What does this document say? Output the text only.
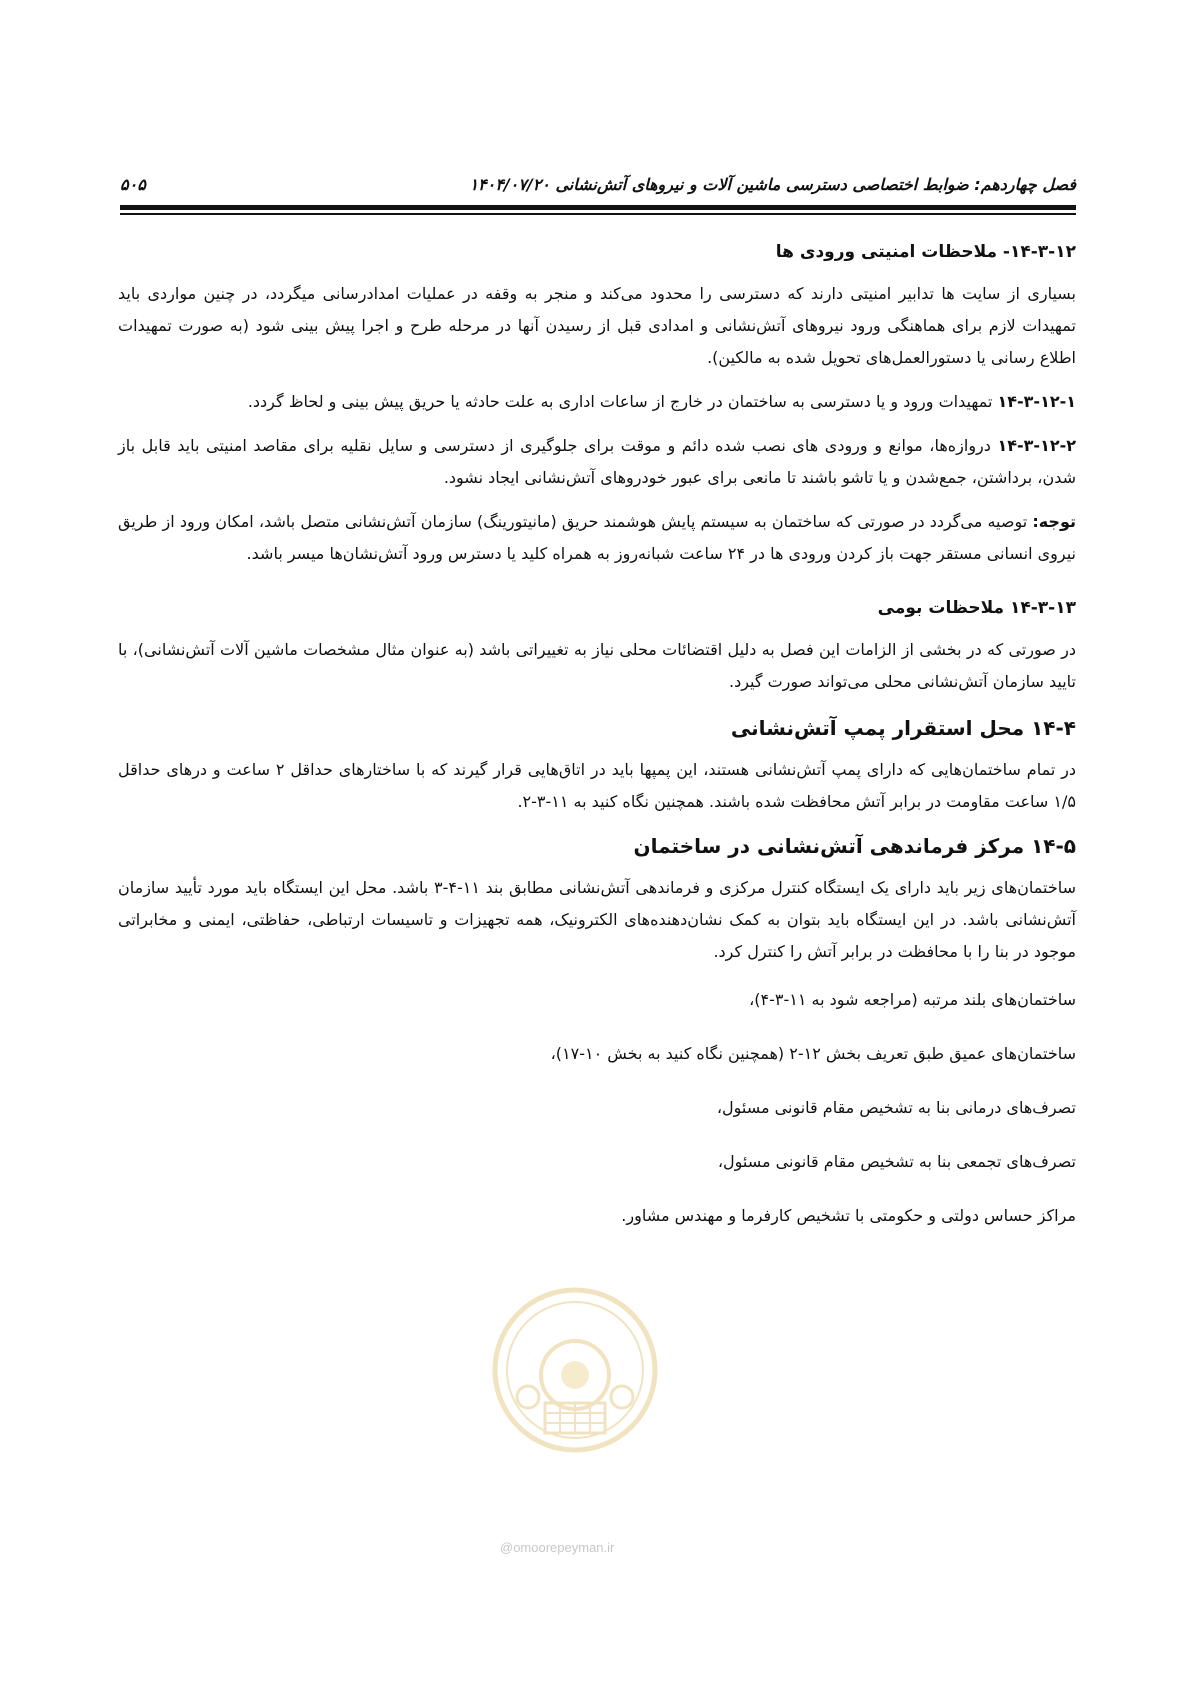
فصل چهاردهم: ضوابط اختصاصی دسترسی ماشین آلات و نیروهای آتش‌نشانی ۱۴۰۴/۰۷/۲۰
۵۰۵
۱۴-۳-۱۲- ملاحظات امنیتی ورودی ها

بسیاری از سایت ها تدابیر امنیتی دارند که دسترسی را محدود می‌کند و منجر به وقفه در عملیات امدادرسانی میگردد، در چنین مواردی باید تمهیدات لازم برای هماهنگی ورود نیروهای آتش‌نشانی و امدادی قبل از رسیدن آنها در مرحله طرح و اجرا پیش بینی شود (به صورت تمهیدات اطلاع رسانی یا دستورالعمل‌های تحویل شده به مالکین).

۱۴-۳-۱۲-۱ تمهیدات ورود و یا دسترسی به ساختمان در خارج از ساعات اداری به علت حادثه یا حریق پیش بینی و لحاظ گردد.

۱۴-۳-۱۲-۲ دروازه‌ها، موانع و ورودی های نصب شده دائم و موقت برای جلوگیری از دسترسی و سایل نقلیه برای مقاصد امنیتی باید قابل باز شدن، برداشتن، جمع‌شدن و یا تاشو باشند تا مانعی برای عبور خودروهای آتش‌نشانی ایجاد نشود.

توجه: توصیه می‌گردد در صورتی که ساختمان به سیستم پایش هوشمند حریق (مانیتورینگ) سازمان آتش‌نشانی متصل باشد، امکان ورود از طریق نیروی انسانی مستقر جهت باز کردن ورودی ها در ۲۴ ساعت شبانه‌روز به همراه کلید یا دسترس ورود آتش‌نشان‌ها میسر باشد.

۱۴-۳-۱۳ ملاحظات بومی

در صورتی که در بخشی از الزامات این فصل به دلیل اقتضائات محلی نیاز به تغییراتی باشد (به عنوان مثال مشخصات ماشین آلات آتش‌نشانی)، با تایید سازمان آتش‌نشانی محلی می‌تواند صورت گیرد.

۱۴-۴ محل استقرار پمپ آتش‌نشانی

در تمام ساختمان‌هایی که دارای پمپ آتش‌نشانی هستند، این پمپها باید در اتاق‌هایی قرار گیرند که با ساختارهای حداقل ۲ ساعت و درهای حداقل ۱/۵ ساعت مقاومت در برابر آتش محافظت شده باشند. همچنین نگاه کنید به ۱۱-۳-۲.

۱۴-۵ مرکز فرماندهی آتش‌نشانی در ساختمان

ساختمان‌های زیر باید دارای یک ایستگاه کنترل مرکزی و فرماندهی آتش‌نشانی مطابق بند ۱۱-۴-۳ باشد. محل این ایستگاه باید مورد تأیید سازمان آتش‌نشانی باشد. در این ایستگاه باید بتوان به کمک نشان‌دهنده‌های الکترونیک، همه تجهیزات و تاسیسات ارتباطی، حفاظتی، ایمنی و مخابراتی موجود در بنا را با محافظت در برابر آتش را کنترل کرد.

ساختمان‌های بلند مرتبه (مراجعه شود به ۱۱-۳-۴)،
ساختمان‌های عمیق طبق تعریف بخش ۱۲-۲ (همچنین نگاه کنید به بخش ۱۰-۱۷)،
تصرف‌های درمانی بنا به تشخیص مقام قانونی مسئول،
تصرف‌های تجمعی بنا به تشخیص مقام قانونی مسئول،
مراکز حساس دولتی و حکومتی با تشخیص کارفرما و مهندس مشاور.
@omoorepeyman.ir
